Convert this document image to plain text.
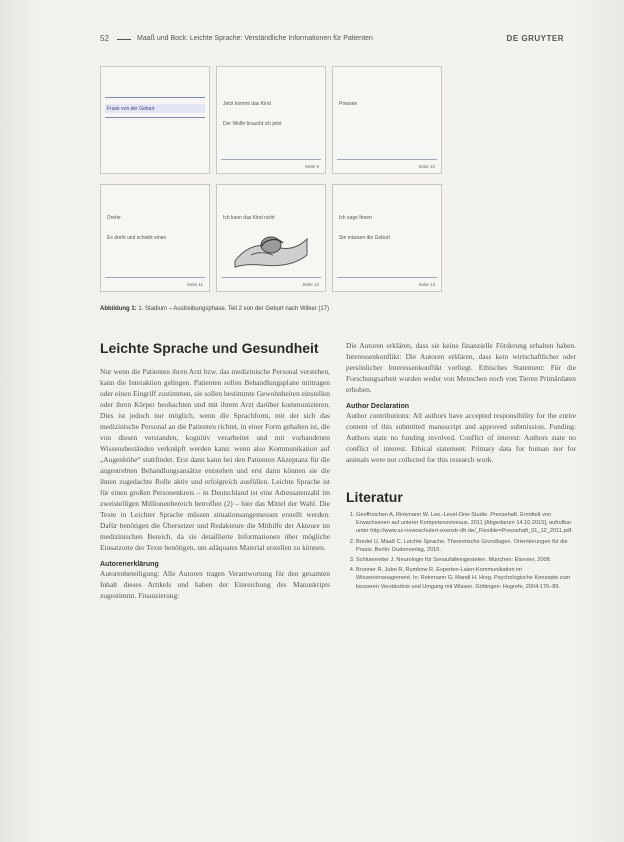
52	Maaß und Bock: Leichte Sprache: Verständliche Informationen für Patienten	DE GRUYTER
Frank von der Geburt
Jetzt kommt das Kind
Der Wolfe braucht ich jetzt
Seite 9
Pressen
Seite 10
Drehe
Es dreht und schiebt einen
Seite 11
Ich kann das Kind nicht
Seite 12
Ich sage Ihnen
Sie müssen die Geburt
Seite 13
Abbildung 1: 1. Stadium – Austreibungsphase. Teil 2 von der Geburt nach Wilker (17)
Leichte Sprache und Gesundheit
Nur wenn die Patienten ihren Arzt bzw. das medizinische Personal verstehen, kann die Interaktion gelingen. Patienten sollen Behandlungsplane mittragen oder einen Eingriff zustimmen, sie sollen bestimmte Gewohnheiten einstellen oder ihren Körper beobachten und mit ihrem Arzt darüber kommunizieren. Dies ist jedoch nur möglich, wenn die Sprachform, mit der sich das medizinische Personal an die Patienten richtet, in einer Form gehalten ist, die von diesen verstanden, kognitiv verarbeitet und mit vorhandenen Wissensbeständen verknüpft werden kann: wenn also Kommunikation auf „Augenhöhe“ stattfindet. Erst dann kann bei den Patienten Akzeptanz für die angestrebten Behandlungsansätze entstehen und erst dann können sie die ihnen zugedachte Rolle aktiv und erfolgreich ausfüllen. Leichte Sprache ist für einen großen Personenkreis – in Deutschland ist eine Adressatenzahl im zweistelligen Millionenbereich betroffen (2) – hier das Mittel der Wahl. Die Texte in Leichter Sprache müssen situationsangemessen erstellt werden. Dafür benötigen die Übersetzer und Redakteure die Mithilfe der Akteure im medizinischen Bereich, da sie detaillierte Informationen über mögliche Einsatzorte der Texte benötigen, um adäquates Material erstellen zu können.
Autorenerklärung
Autorenbeteiligung: Alle Autoren tragen Verantwortung für den gesamten Inhalt dieses Artikels und haben der Einreichung des Manuskripts zugestimmt. Finanzierung:
Die Autoren erklären, dass sie keine finanzielle Förderung erhalten haben. Interessenkonflikt: Die Autoren erklären, dass kein wirtschaftlicher oder persönlicher Interessenkonflikt vorliegt. Ethisches Statement: Für die Forschungsarbeit wurden weder von Menschen noch von Tieren Primärdaten erhoben.
Author Declaration
Author contributions: All authors have accepted responsibility for the entire content of this submitted manuscript and approved submission. Funding: Authors state no funding involved. Conflict of interest: Authors state no conflict of interest. Ethical statement: Primary data for human nor for animals were not collected for this research work.
Literatur
1. Geoffroichen A, Rinkmann W. Leo.-Level-One-Studie. Pressehaft. Ermittelt von Erwachsenen auf unterer Kompetenzniveaus. 2011 [Abgedarum 14.10.2015], aufrufbar unter http://www.sz-nowoschulert-exenstr-dh.de/_Flexible=Pressehaft_01_12_2011.pdf.
2. Bredel U, Maaß C. Leichte Sprache. Theoretische Grundlagen. Orientierungen für die Praxis. Berlin: Dudenverlag, 2016.
3. Schluenreiter J. Neurologie für Sonaufalleingesteten. München: Elsevier, 2008.
4. Brunner R, Jubo R, Rumbow R. Experten-Laien-Kommunikation im Wissensmanagement. In: Reinmann G, Mandl H, Hrsg. Psychologische Konzepte zum besseren Verständnis und Umgang mit Wissen. Göttingen: Hogrefe, 2004:176–89.
